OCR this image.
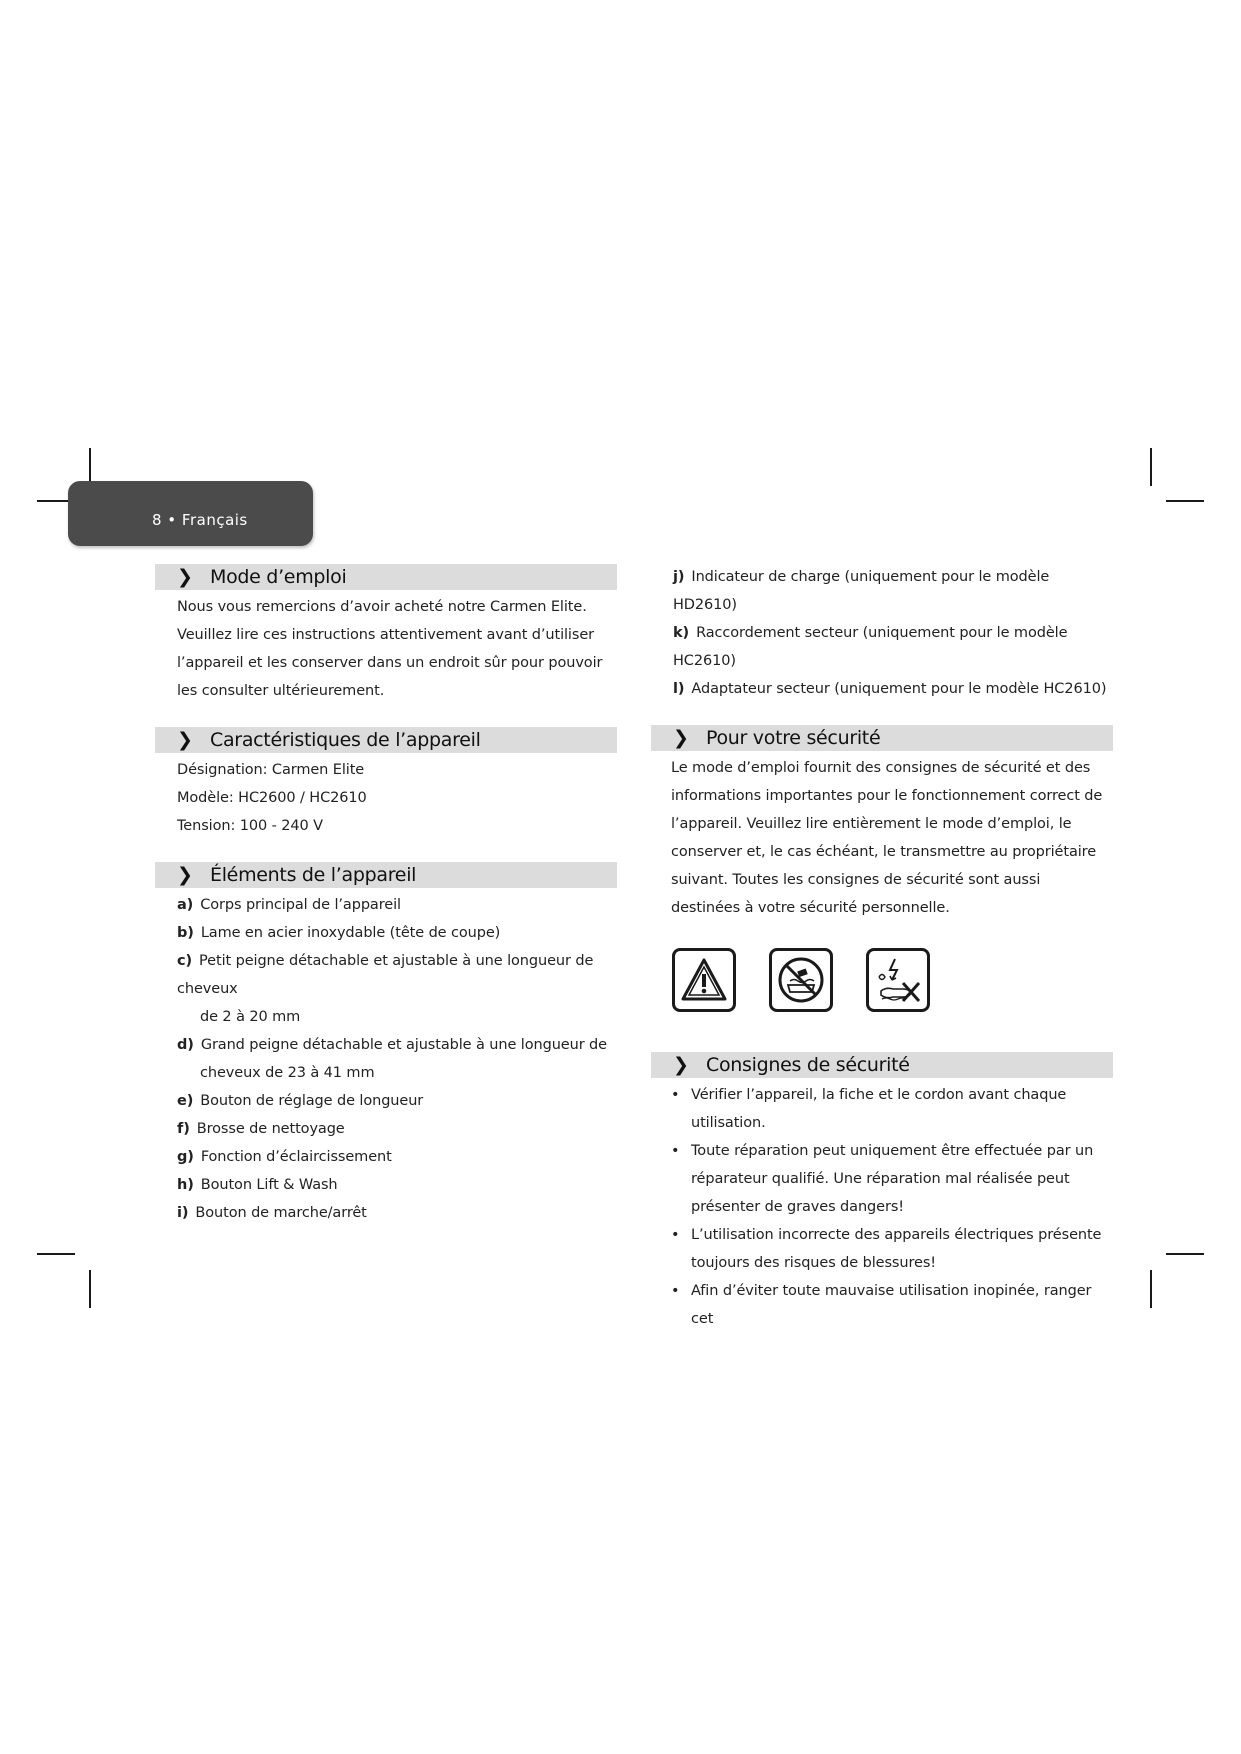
8 • Français
❯ Mode d’emploi

Nous vous remercions d’avoir acheté notre Carmen Elite.

Veuillez lire ces instructions attentivement avant d’utiliser l’appareil et les conserver dans un endroit sûr pour pouvoir les consulter ultérieurement.

❯ Caractéristiques de l’appareil

Désignation: Carmen Elite

Modèle: HC2600 / HC2610

Tension: 100 - 240 V

❯ Éléments de l’appareil
a) Corps principal de l’appareil
b) Lame en acier inoxydable (tête de coupe)
c) Petit peigne détachable et ajustable à une longueur de cheveux
de 2 à 20 mm
d) Grand peigne détachable et ajustable à une longueur de
cheveux de 23 à 41 mm
e) Bouton de réglage de longueur
f) Brosse de nettoyage
g) Fonction d’éclaircissement
h) Bouton Lift & Wash
i) Bouton de marche/arrêt
j) Indicateur de charge (uniquement pour le modèle HD2610)
k) Raccordement secteur (uniquement pour le modèle HC2610)
l) Adaptateur secteur (uniquement pour le modèle HC2610)
❯ Pour votre sécurité

Le mode d’emploi fournit des consignes de sécurité et des informations importantes pour le fonctionnement correct de l’appareil. Veuillez lire entièrement le mode d’emploi, le conserver et, le cas échéant, le transmettre au propriétaire suivant. Toutes les consignes de sécurité sont aussi destinées à votre sécurité personnelle.

❯ Consignes de sécurité
• Vérifier l’appareil, la fiche et le cordon avant chaque utilisation.
• Toute réparation peut uniquement être effectuée par un réparateur qualifié. Une réparation mal réalisée peut présenter de graves dangers!
• L’utilisation incorrecte des appareils électriques présente toujours des risques de blessures!
• Afin d’éviter toute mauvaise utilisation inopinée, ranger cet
